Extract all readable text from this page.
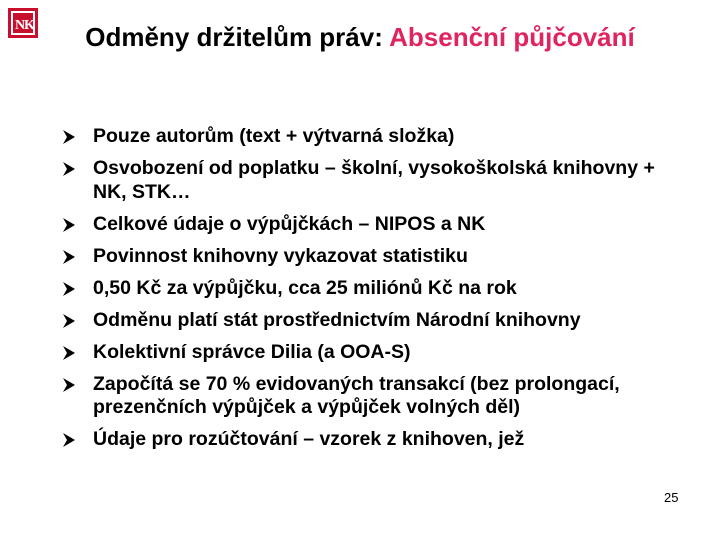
N
K	Odměny držitelům práv: Absenční půjčování
Pouze autorům (text + výtvarná složka)
Osvobození od poplatku – školní, vysokoškolská knihovny + NK, STK…
Celkové údaje o výpůjčkách – NIPOS a NK
Povinnost knihovny vykazovat statistiku
0,50 Kč za výpůjčku, cca 25 miliónů Kč na rok
Odměnu platí stát prostřednictvím Národní knihovny
Kolektivní správce Dilia (a OOA-S)
Započítá se 70 % evidovaných transakcí (bez prolongací, prezenčních výpůjček a výpůjček volných děl)
Údaje pro rozúčtování – vzorek z knihoven, jež
25
